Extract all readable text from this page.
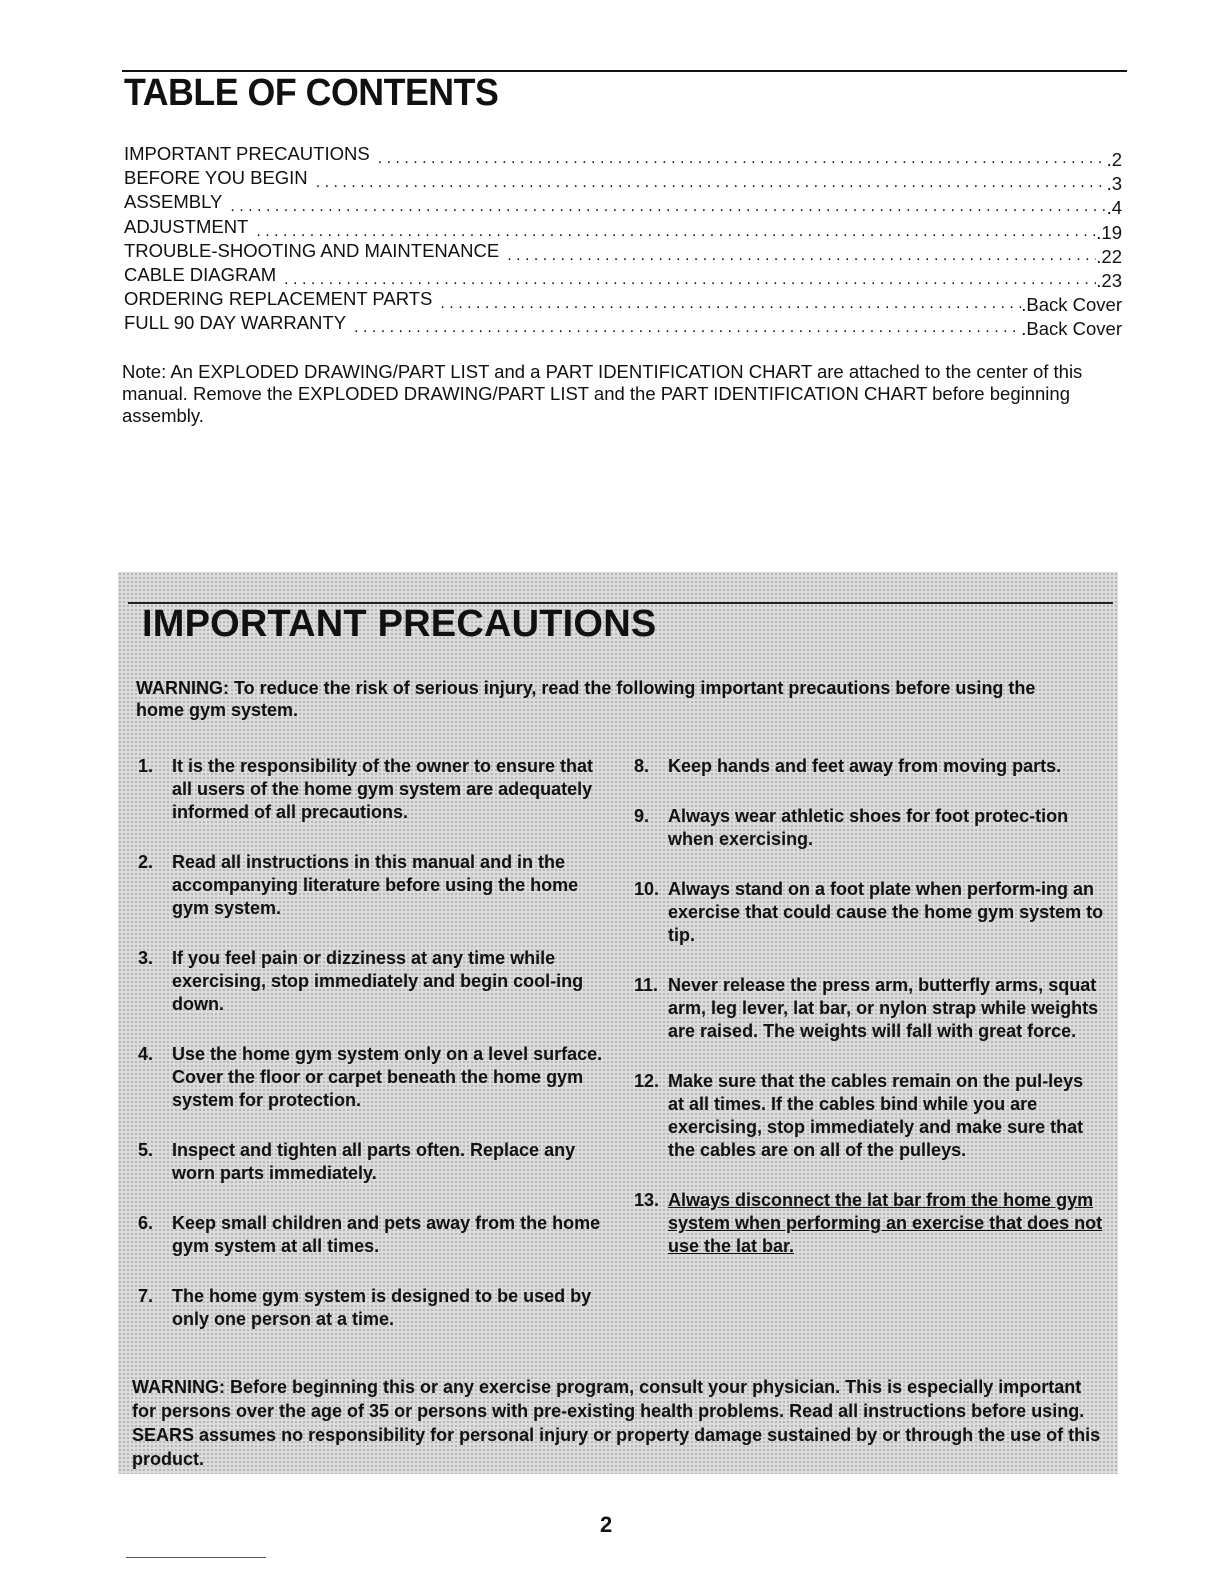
TABLE OF CONTENTS
IMPORTANT PRECAUTIONS . . .	.2
BEFORE YOU BEGIN . . .	.3
ASSEMBLY . . .	.4
ADJUSTMENT . . .	.19
TROUBLE-SHOOTING AND MAINTENANCE . . .	.22
CABLE DIAGRAM . . .	.23
ORDERING REPLACEMENT PARTS . . .	.Back Cover
FULL 90 DAY WARRANTY . . .	.Back Cover

Note: An EXPLODED DRAWING/PART LIST and a PART IDENTIFICATION CHART are attached to the center of this manual. Remove the EXPLODED DRAWING/PART LIST and the PART IDENTIFICATION CHART before beginning assembly.

IMPORTANT PRECAUTIONS

WARNING: To reduce the risk of serious injury, read the following important precautions before using the home gym system.

1. It is the responsibility of the owner to ensure that all users of the home gym system are adequately informed of all precautions.
2. Read all instructions in this manual and in the accompanying literature before using the home gym system.
3. If you feel pain or dizziness at any time while exercising, stop immediately and begin cool-ing down.
4. Use the home gym system only on a level surface. Cover the floor or carpet beneath the home gym system for protection.
5. Inspect and tighten all parts often. Replace any worn parts immediately.
6. Keep small children and pets away from the home gym system at all times.
7. The home gym system is designed to be used by only one person at a time.
8. Keep hands and feet away from moving parts.
9. Always wear athletic shoes for foot protec-tion when exercising.
10. Always stand on a foot plate when perform-ing an exercise that could cause the home gym system to tip.
11. Never release the press arm, butterfly arms, squat arm, leg lever, lat bar, or nylon strap while weights are raised. The weights will fall with great force.
12. Make sure that the cables remain on the pul-leys at all times. If the cables bind while you are exercising, stop immediately and make sure that the cables are on all of the pulleys.
13. Always disconnect the lat bar from the home gym system when performing an exercise that does not use the lat bar.

WARNING: Before beginning this or any exercise program, consult your physician. This is especially important for persons over the age of 35 or persons with pre-existing health problems. Read all instructions before using. SEARS assumes no responsibility for personal injury or property damage sustained by or through the use of this product.

2
